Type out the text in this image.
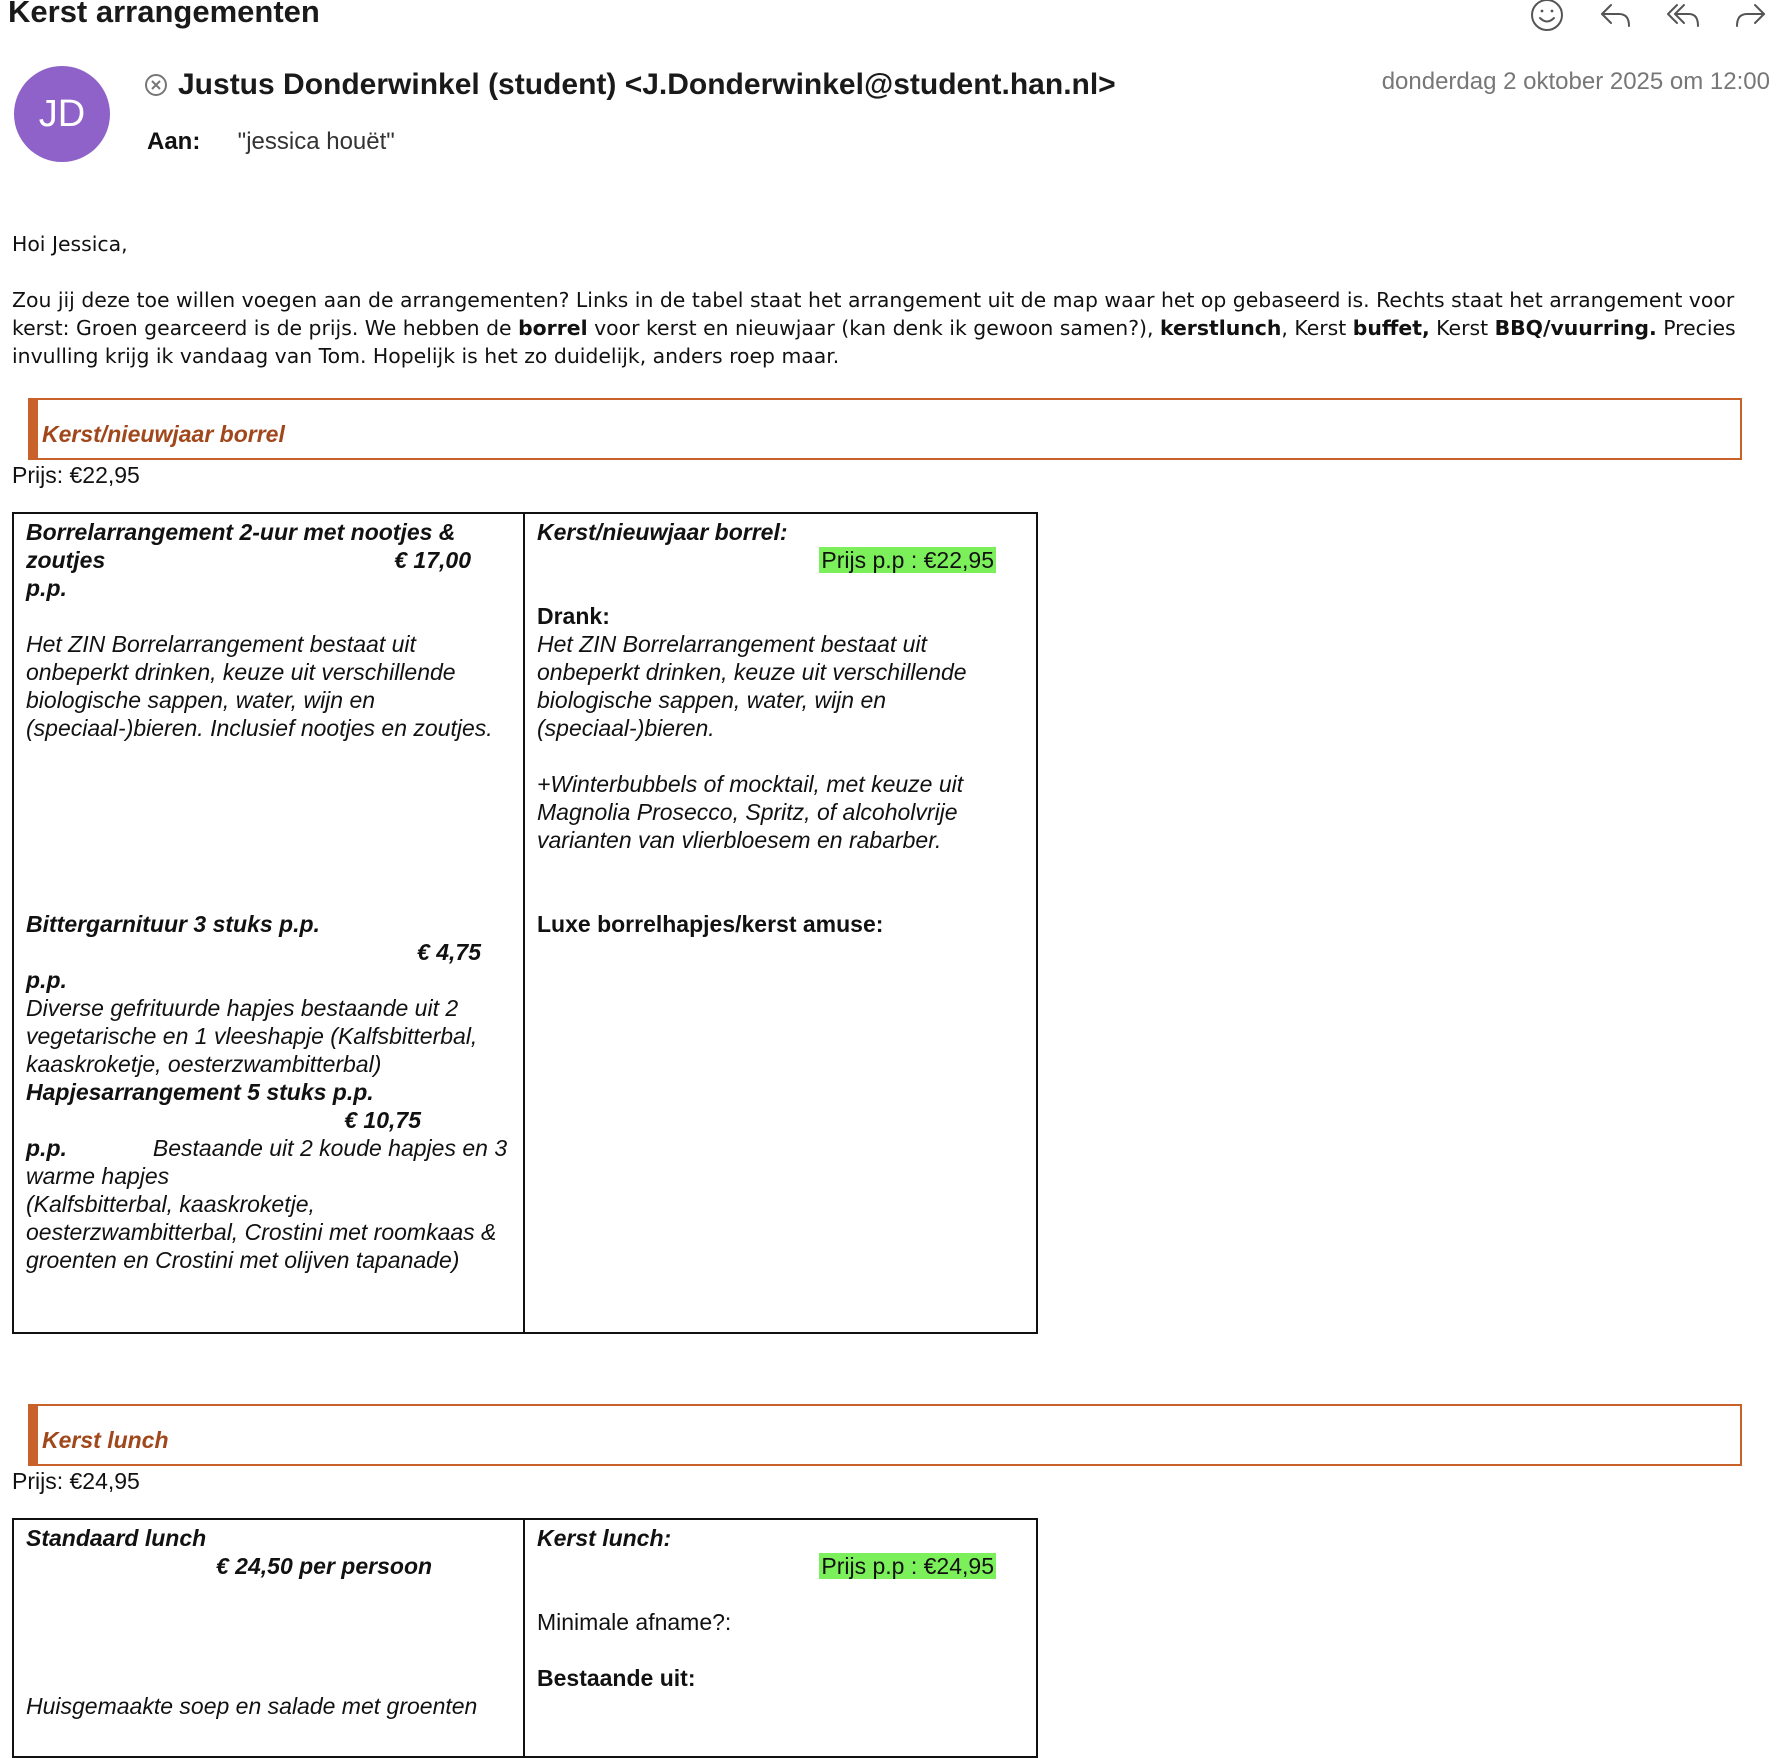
Kerst arrangementen
JD
Justus Donderwinkel (student) <J.Donderwinkel@student.han.nl>	donderdag 2 oktober 2025 om 12:00
Aan: "jessica houët"

Hoi Jessica,

Zou jij deze toe willen voegen aan de arrangementen? Links in de tabel staat het arrangement uit de map waar het op gebaseerd is. Rechts staat het arrangement voor kerst: Groen gearceerd is de prijs. We hebben de borrel voor kerst en nieuwjaar (kan denk ik gewoon samen?), kerstlunch, Kerst buffet, Kerst BBQ/vuurring. Precies invulling krijg ik vandaag van Tom. Hopelijk is het zo duidelijk, anders roep maar.

Kerst/nieuwjaar borrel
Prijs: €22,95
Borrelarrangement 2-uur met nootjes &
zoutjes	€ 17,00
p.p.
Het ZIN Borrelarrangement bestaat uit onbeperkt drinken, keuze uit verschillende biologische sappen, water, wijn en (speciaal-)bieren. Inclusief nootjes en zoutjes.
Bittergarnituur 3 stuks p.p.
€ 4,75
p.p.
Diverse gefrituurde hapjes bestaande uit 2 vegetarische en 1 vleeshapje (Kalfsbitterbal, kaaskroketje, oesterzwambitterbal)
Hapjesarrangement 5 stuks p.p.
€ 10,75
p.p.	Bestaande uit 2 koude hapjes en 3 warme hapjes
(Kalfsbitterbal, kaaskroketje, oesterzwambitterbal, Crostini met roomkaas & groenten en Crostini met olijven tapanade)
Kerst/nieuwjaar borrel:
Prijs p.p : €22,95
Drank:
Het ZIN Borrelarrangement bestaat uit onbeperkt drinken, keuze uit verschillende biologische sappen, water, wijn en (speciaal-)bieren.
+Winterbubbels of mocktail, met keuze uit Magnolia Prosecco, Spritz, of alcoholvrije varianten van vlierbloesem en rabarber.
Luxe borrelhapjes/kerst amuse:
Kerst lunch
Prijs: €24,95
Standaard lunch
€ 24,50 per persoon
Huisgemaakte soep en salade met groenten
Kerst lunch:
Prijs p.p : €24,95
Minimale afname?:
Bestaande uit:
